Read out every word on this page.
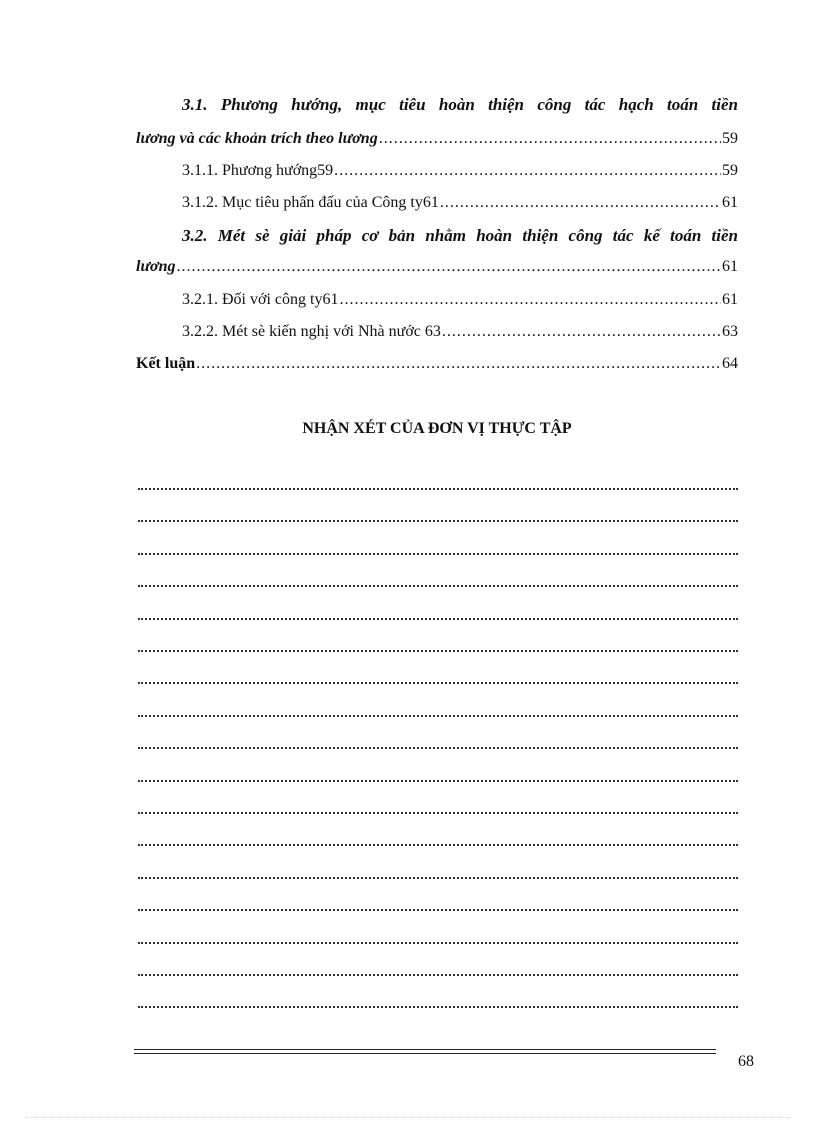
3.1. Phương hướng, mục tiêu hoàn thiện công tác hạch toán tiền
lương và các khoản trích theo lương .....	59
3.1.1. Phương hướng59 .....	59
3.1.2. Mục tiêu phấn đấu của Công ty61 .....	61
3.2. Mét sè giải pháp cơ bản nhằm hoàn thiện công tác kế toán tiền
lương .....	61
3.2.1. Đối với công ty61 .....	61
3.2.2. Mét sè kiến nghị với Nhà nước 63 .....	63
Kết luận .....	64
NHẬN XÉT CỦA ĐƠN VỊ THỰC TẬP
68
